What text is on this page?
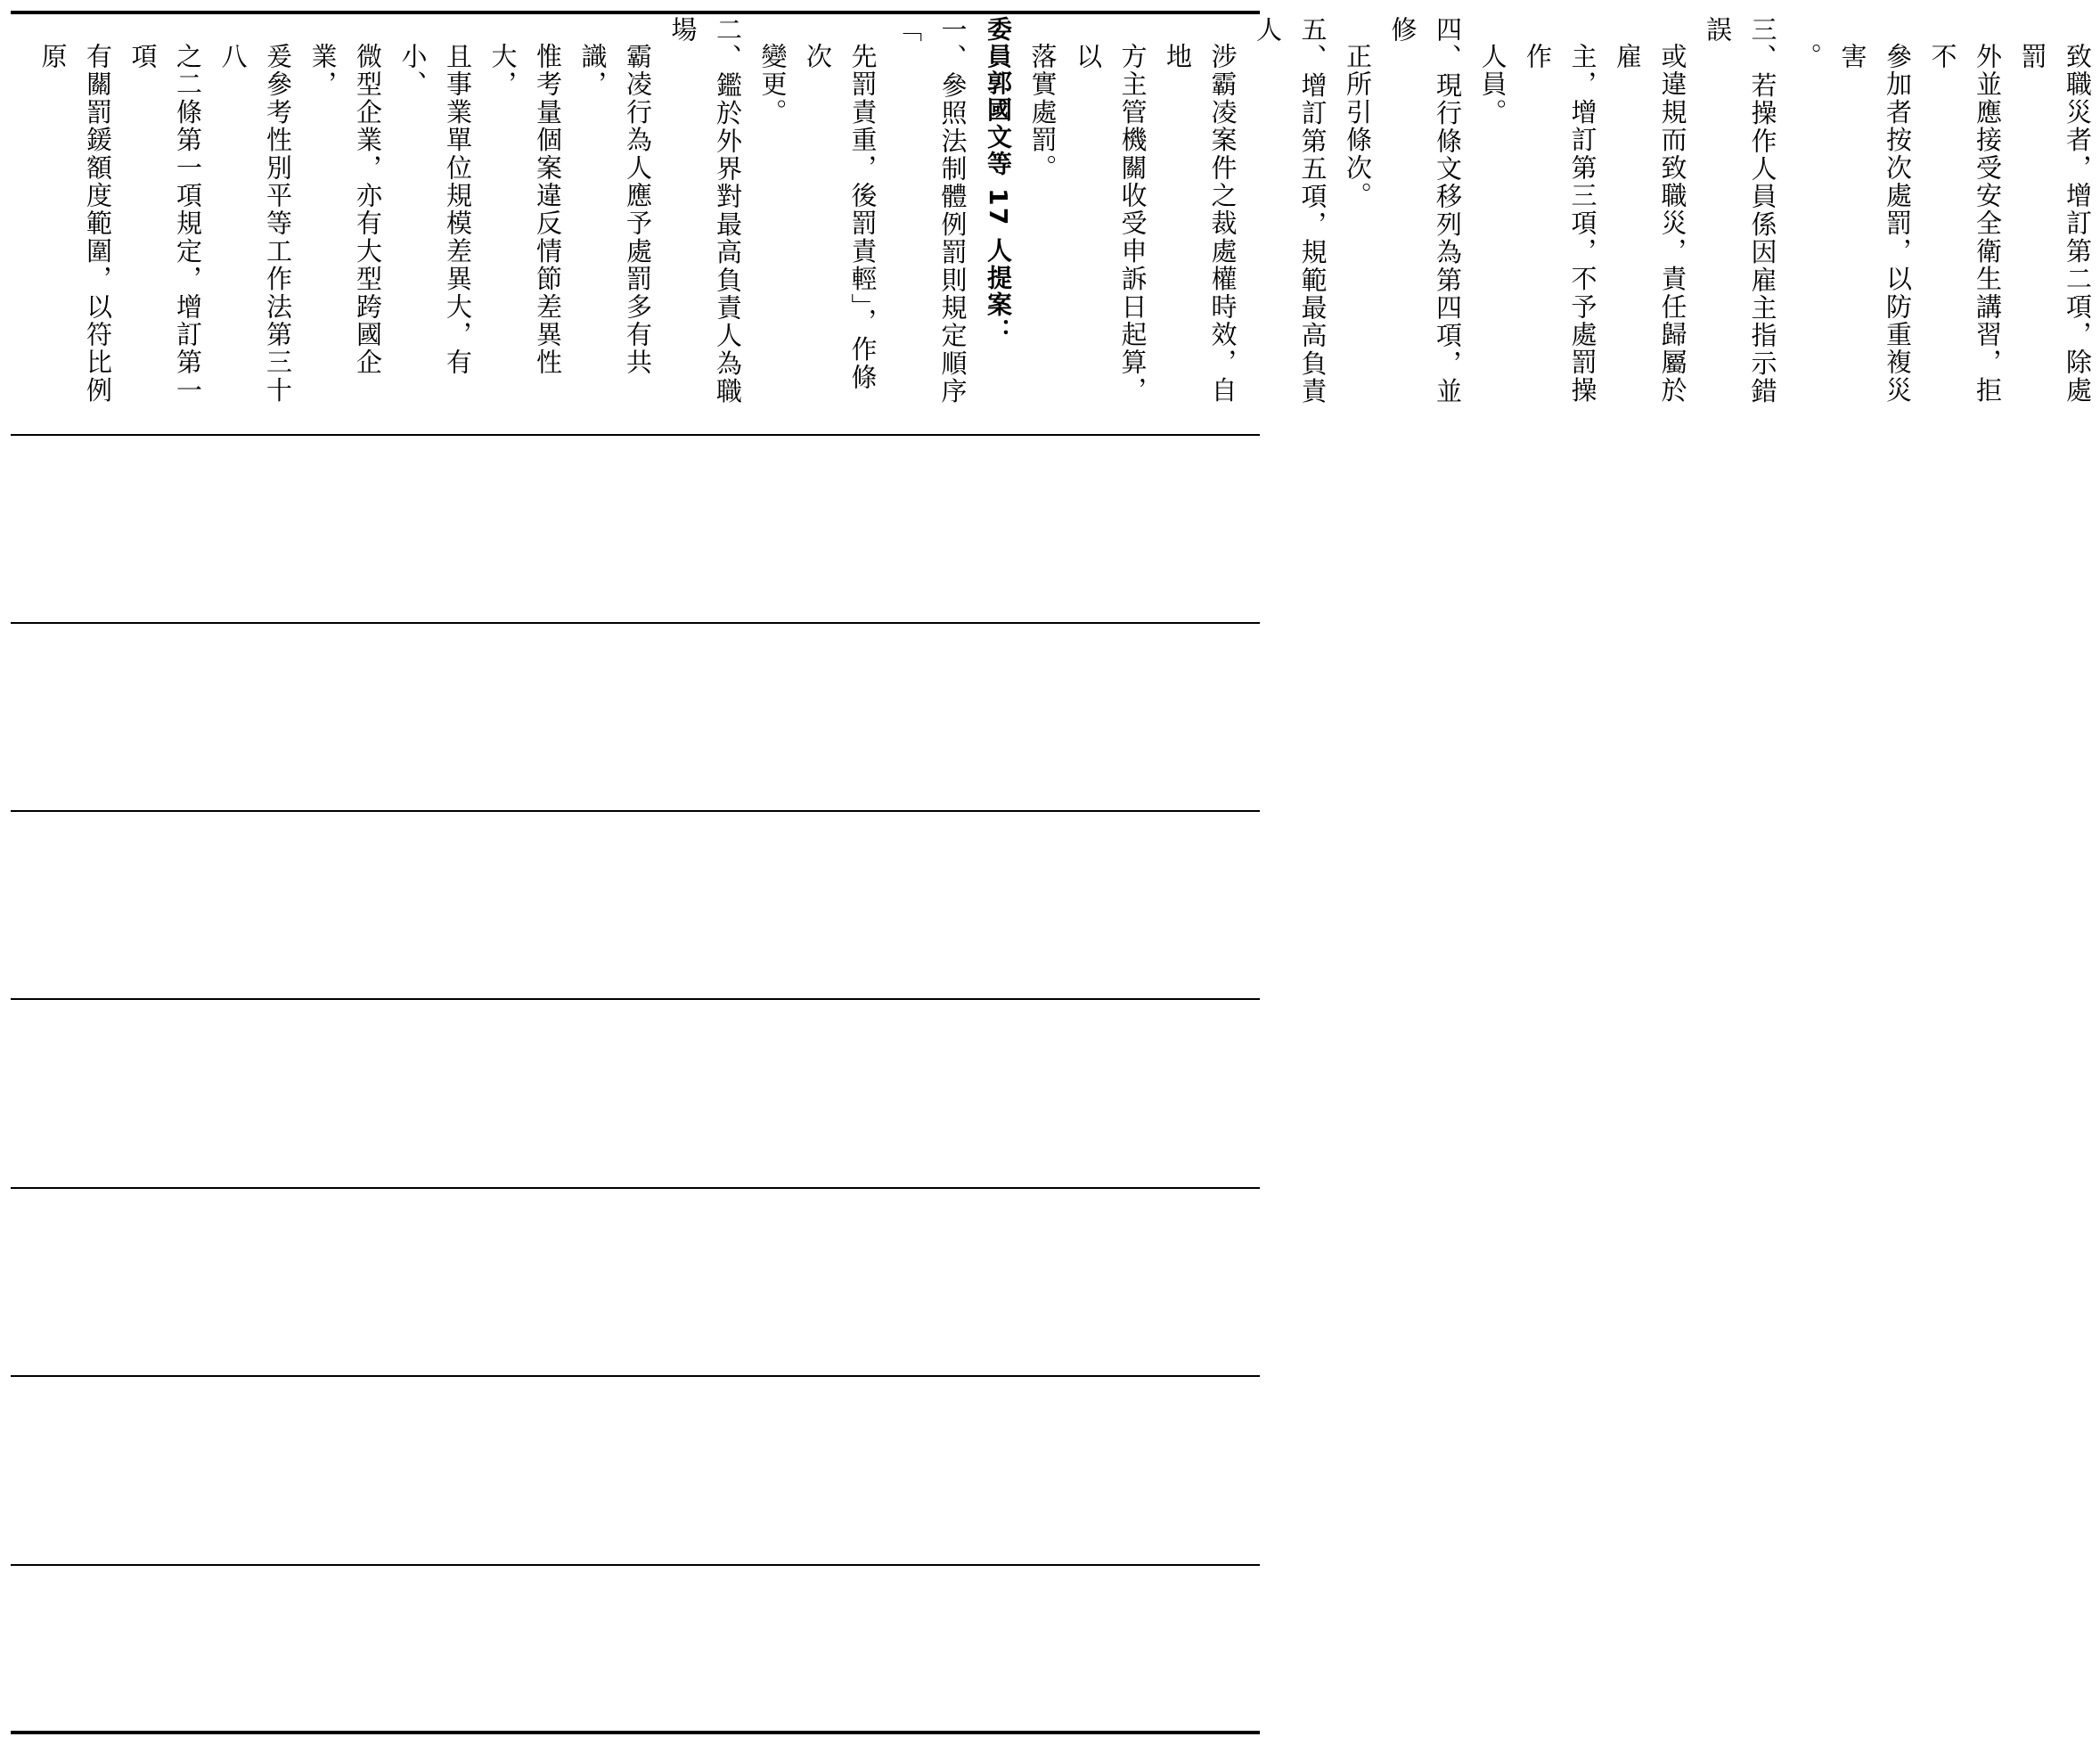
致職災者，增訂第二項，除處罰
外並應接受安全衛生講習，拒不
參加者按次處罰，以防重複災害
。
三、若操作人員係因雇主指示錯誤
或違規而致職災，責任歸屬於雇
主，增訂第三項，不予處罰操作
人員。
四、現行條文移列為第四項，並修
正所引條次。
五、增訂第五項，規範最高負責人
涉霸凌案件之裁處權時效，自地
方主管機關收受申訴日起算，以
落實處罰。
委員郭國文等 17 人提案：
一、參照法制體例罰則規定順序「
先罰責重，後罰責輕」，作條次
變更。
二、鑑於外界對最高負責人為職場
霸凌行為人應予處罰多有共識，
惟考量個案違反情節差異性大，
且事業單位規模差異大，有小、
微型企業，亦有大型跨國企業，
爰參考性別平等工作法第三十八
之二條第一項規定，增訂第一項
有關罰鍰額度範圍，以符比例原
